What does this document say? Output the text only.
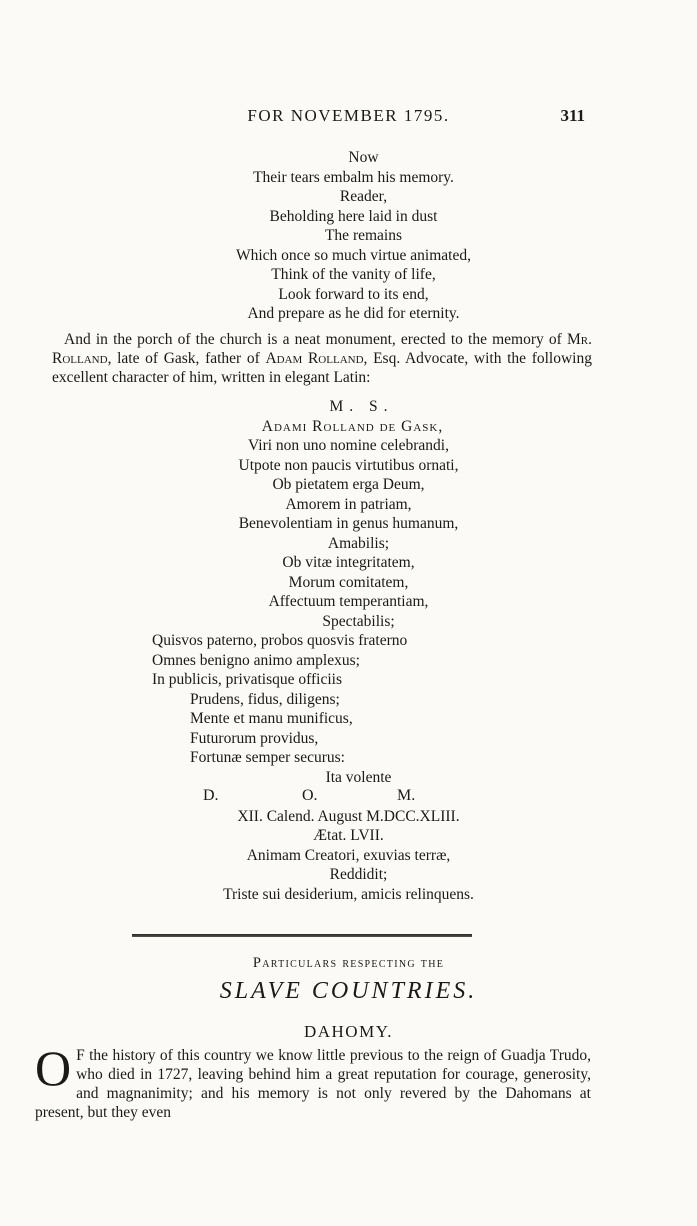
FOR NOVEMBER 1795.	311
Now
Their tears embalm his memory.
Reader,
Beholding here laid in dust
The remains
Which once so much virtue animated,
Think of the vanity of life,
Look forward to its end,
And prepare as he did for eternity.
And in the porch of the church is a neat monument, erected to the memory of Mr. Rolland, late of Gask, father of Adam Rolland, Esq. Advocate, with the following excellent character of him, written in elegant Latin:
M. S.
Adami Rolland de Gask,
Viri non uno nomine celebrandi,
Utpote non paucis virtutibus ornati,
Ob pietatem erga Deum,
Amorem in patriam,
Benevolentiam in genus humanum,
Amabilis;
Ob vitæ integritatem,
Morum comitatem,
Affectuum temperantiam,
Spectabilis;
Quisvos paterno, probos quosvis fraterno
Omnes benigno animo amplexus;
In publicis, privatisque officiis
Prudens, fidus, diligens;
Mente et manu munificus,
Futurorum providus,
Fortunæ semper securus:
Ita volente
D.	O.	M.
XII. Calend. August M.DCC.XLIII.
Ætat. LVII.
Animam Creatori, exuvias terræ,
Reddidit;
Triste sui desiderium, amicis relinquens.
Particulars respecting the
SLAVE COUNTRIES.
DAHOMY.
O F the history of this country we know little previous to the reign of Guadja Trudo, who died in 1727, leaving behind him a great reputation for courage, generosity, and magnanimity; and his memory is not only revered by the Dahomans at present, but they even
